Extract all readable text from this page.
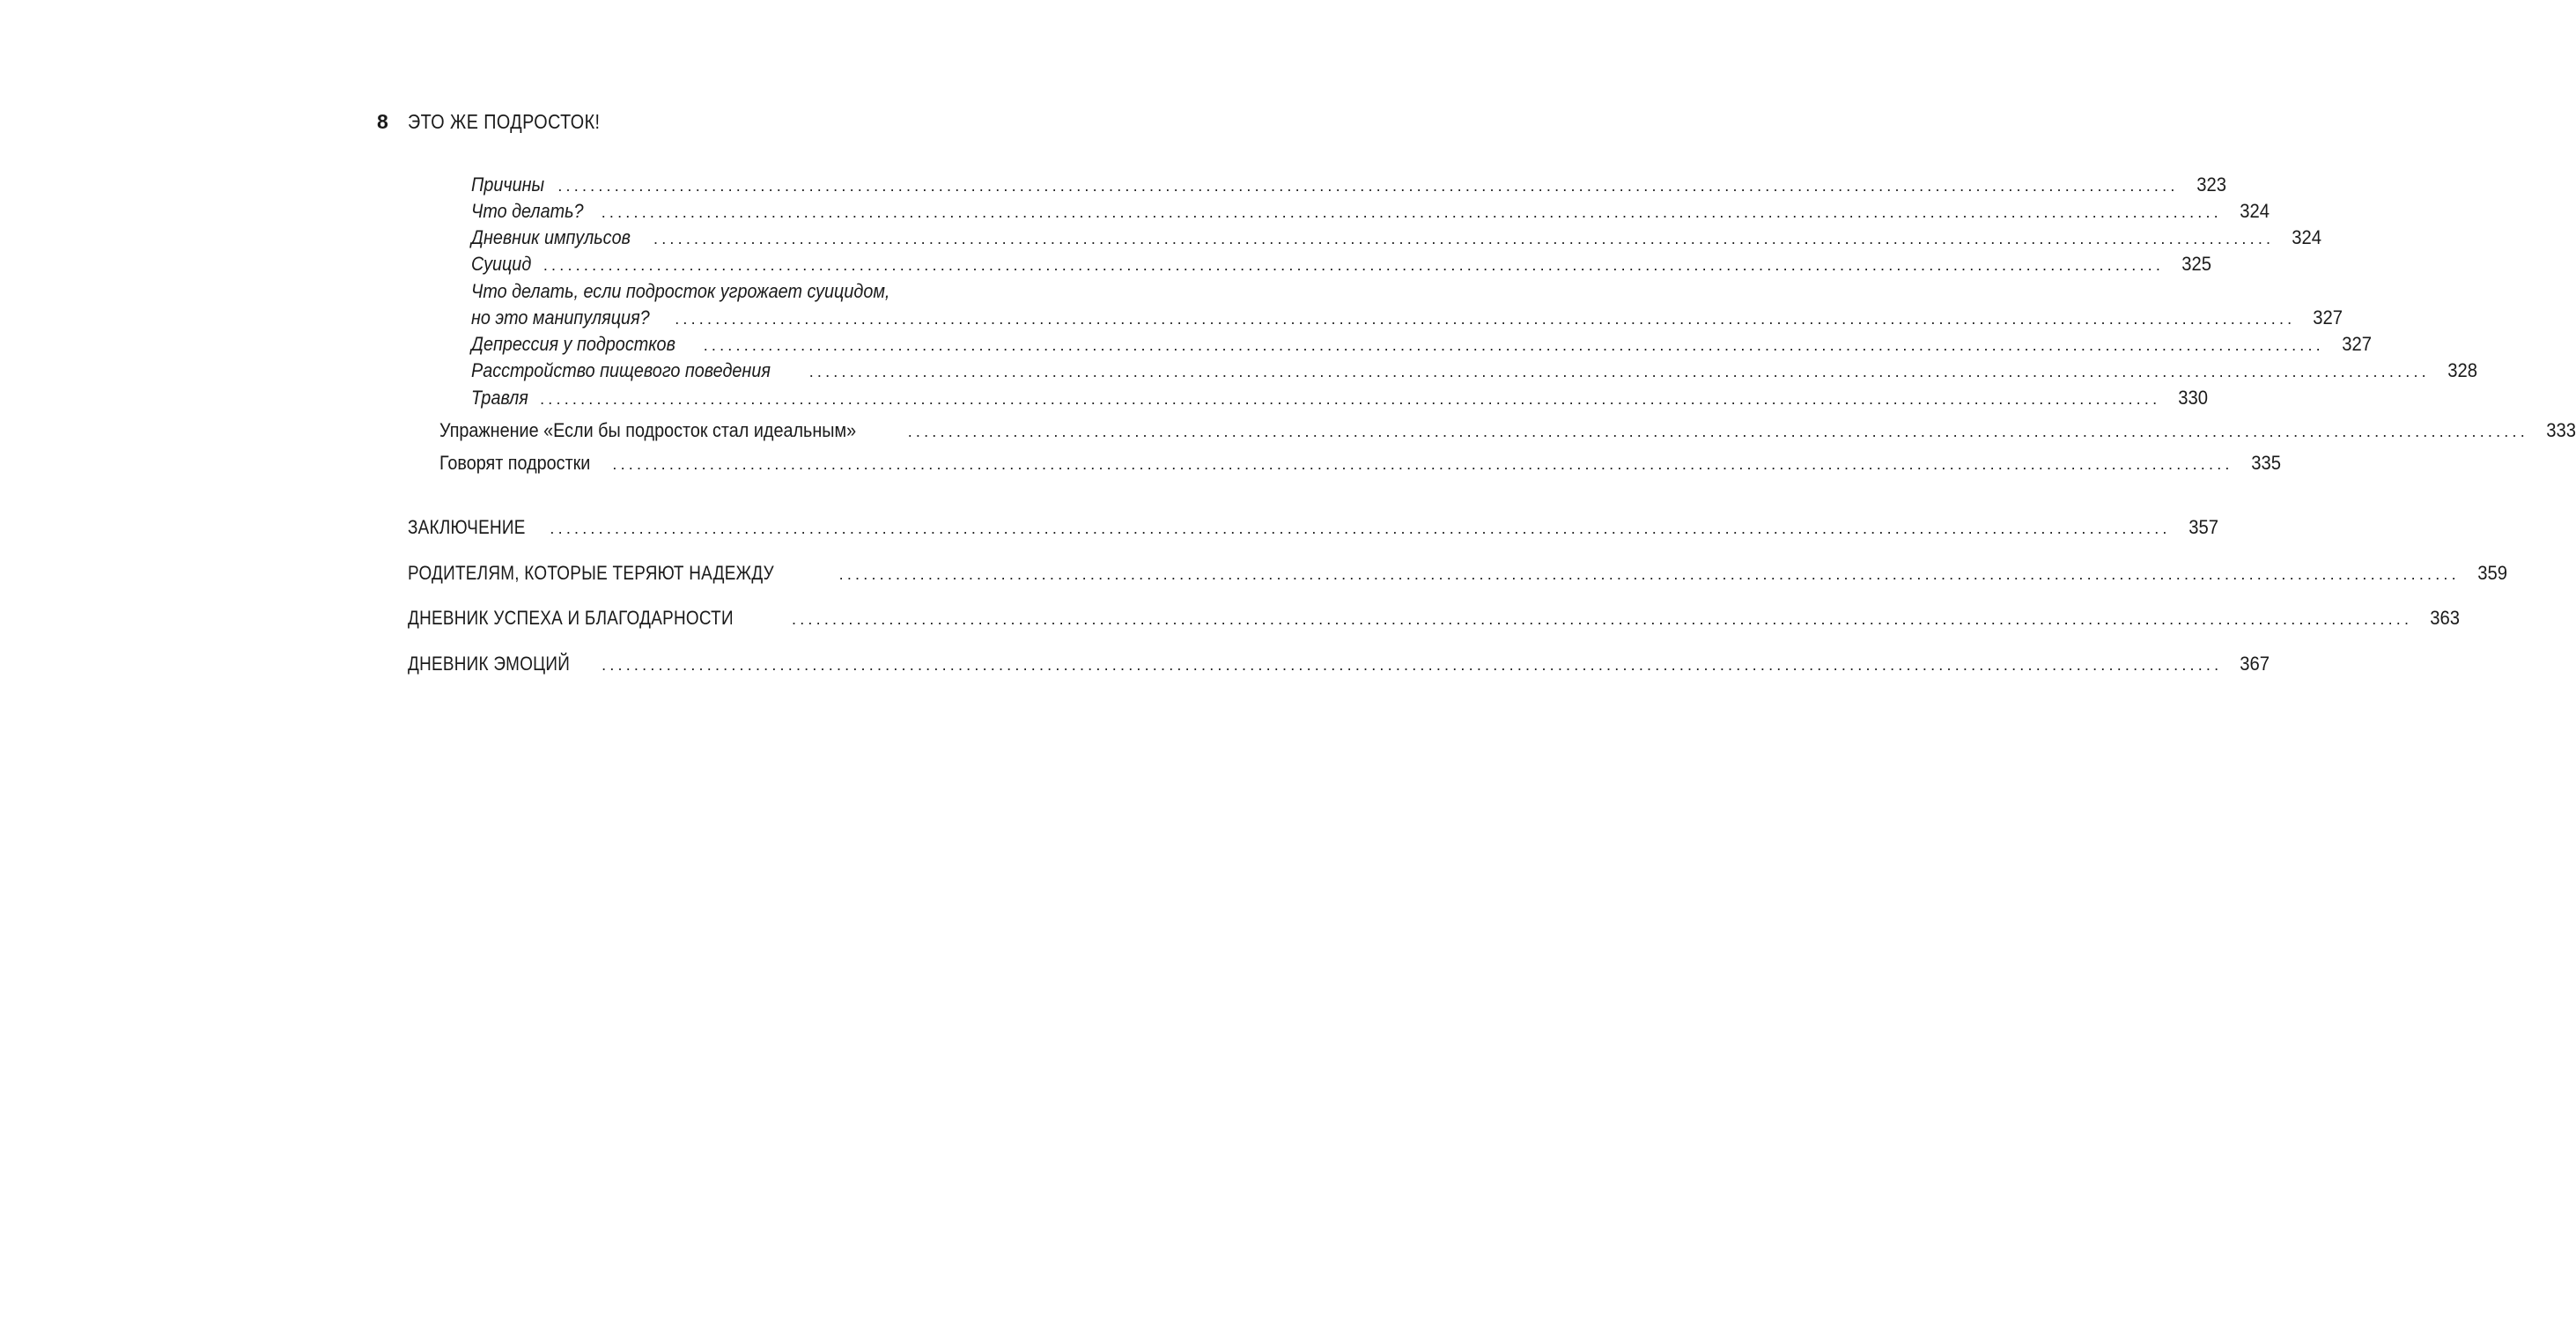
8 ЭТО ЖЕ ПОДРОСТОК!
Причины ........................................................................................................................................................................................................ 323
Что делать? ........................................................................................................................................................................................................ 324
Дневник импульсов ........................................................................................................................................................................................................ 324
Суицид ........................................................................................................................................................................................................ 325
Что делать, если подросток угрожает суицидом,
но это манипуляция? ........................................................................................................................................................................................................ 327
Депрессия у подростков ........................................................................................................................................................................................................ 327
Расстройство пищевого поведения ........................................................................................................................................................................................................ 328
Травля ........................................................................................................................................................................................................ 330
Упражнение «Если бы подросток стал идеальным»	........................................................................................................................................................................................................ 333
Говорят подростки ........................................................................................................................................................................................................ 335
ЗАКЛЮЧЕНИЕ ........................................................................................................................................................................................................ 357
РОДИТЕЛЯМ, КОТОРЫЕ ТЕРЯЮТ НАДЕЖДУ	........................................................................................................................................................................................................ 359
ДНЕВНИК УСПЕХА И БЛАГОДАРНОСТИ	........................................................................................................................................................................................................ 363
ДНЕВНИК ЭМОЦИЙ ........................................................................................................................................................................................................ 367
